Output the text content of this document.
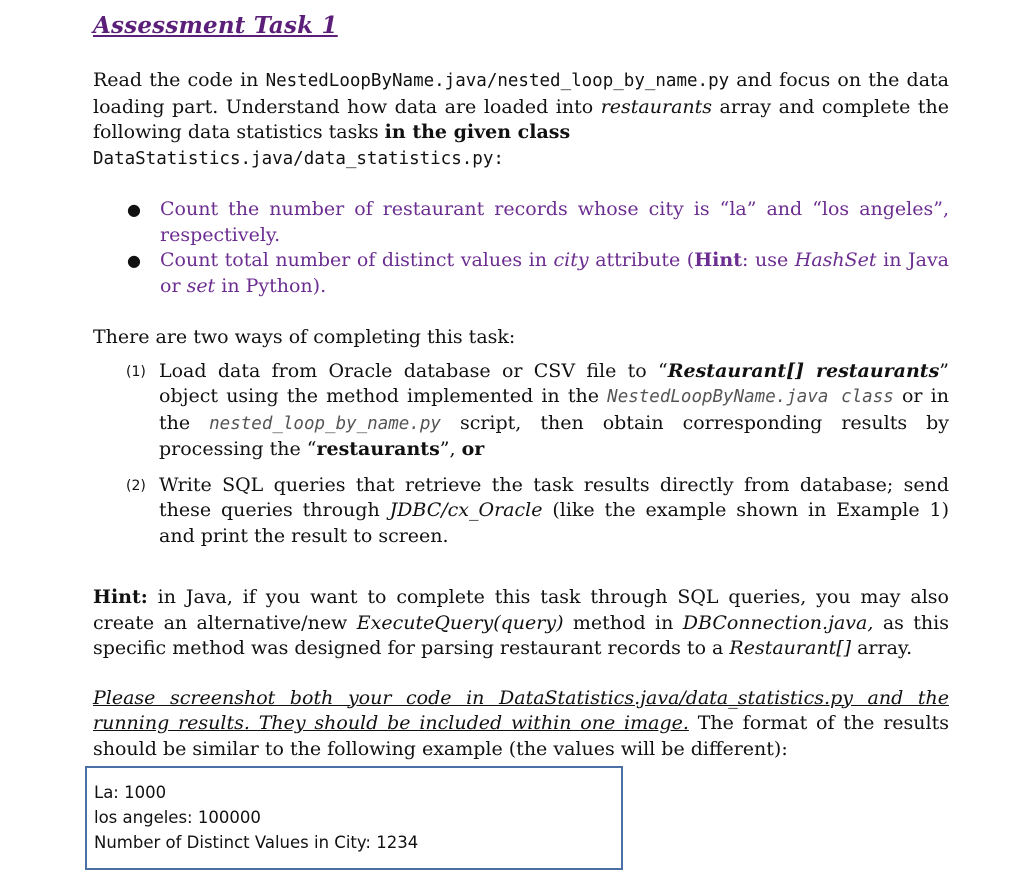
Assessment Task 1

Read the code in NestedLoopByName.java/nested_loop_by_name.py and focus on the data loading part. Understand how data are loaded into restaurants array and complete the following data statistics tasks in the given class
DataStatistics.java/data_statistics.py:

● Count the number of restaurant records whose city is “la” and “los angeles”, respectively.
● Count total number of distinct values in city attribute (Hint: use HashSet in Java or set in Python).

There are two ways of completing this task:

(1) Load data from Oracle database or CSV file to “Restaurant[] restaurants” object using the method implemented in the NestedLoopByName.java class or in the nested_loop_by_name.py script, then obtain corresponding results by processing the “restaurants”, or
(2) Write SQL queries that retrieve the task results directly from database; send these queries through JDBC/cx_Oracle (like the example shown in Example 1) and print the result to screen.

Hint: in Java, if you want to complete this task through SQL queries, you may also create an alternative/new ExecuteQuery(query) method in DBConnection.java, as this specific method was designed for parsing restaurant records to a Restaurant[] array.

Please screenshot both your code in DataStatistics.java/data_statistics.py and the running results. They should be included within one image. The format of the results should be similar to the following example (the values will be different):

La: 1000
los angeles: 100000
Number of Distinct Values in City: 1234
